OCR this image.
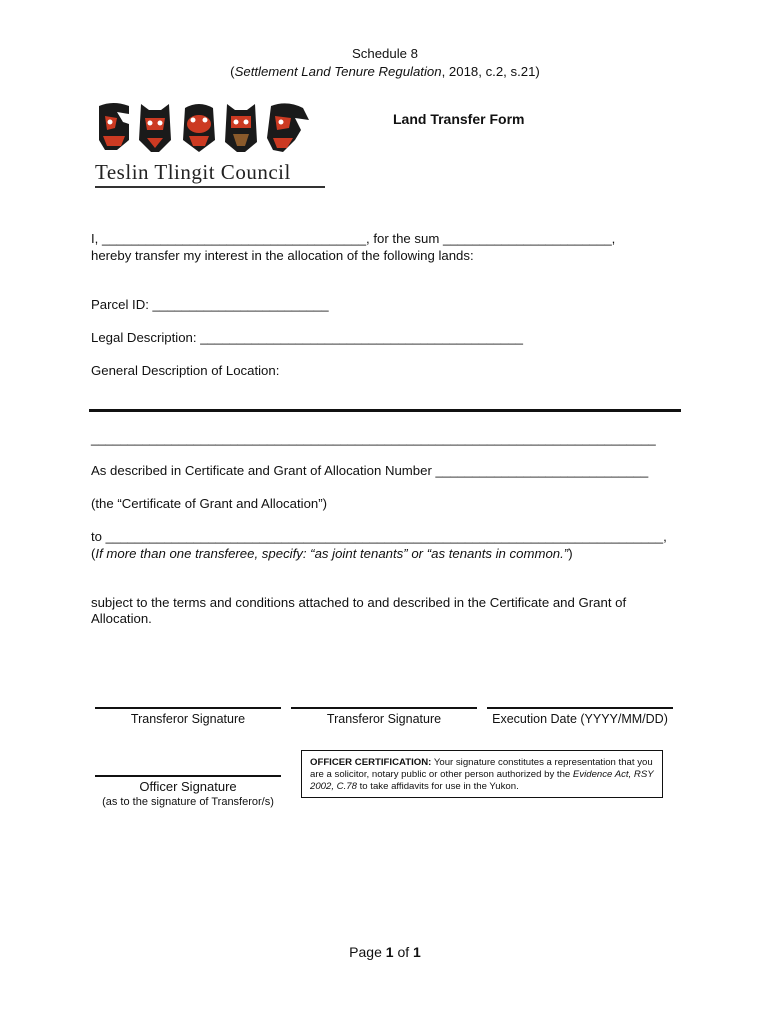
Schedule 8
(Settlement Land Tenure Regulation, 2018, c.2, s.21)
Land Transfer Form
Teslin Tlingit Council
I, ____________________________________, for the sum _______________________,
hereby transfer my interest in the allocation of the following lands:
Parcel ID: ________________________
Legal Description: ____________________________________________
General Description of Location:
_____________________________________________________________________________
As described in Certificate and Grant of Allocation Number _____________________________
(the “Certificate of Grant and Allocation”)
to ____________________________________________________________________________,
(If more than one transferee, specify: “as joint tenants” or “as tenants in common.”)
subject to the terms and conditions attached to and described in the Certificate and Grant of
Allocation.
Transferor Signature	Transferor Signature	Execution Date (YYYY/MM/DD)
Officer Signature
(as to the signature of Transferor/s)
OFFICER CERTIFICATION: Your signature constitutes a representation that you are a solicitor, notary public or other person authorized by the Evidence Act, RSY 2002, C.78 to take affidavits for use in the Yukon.
Page 1 of 1
